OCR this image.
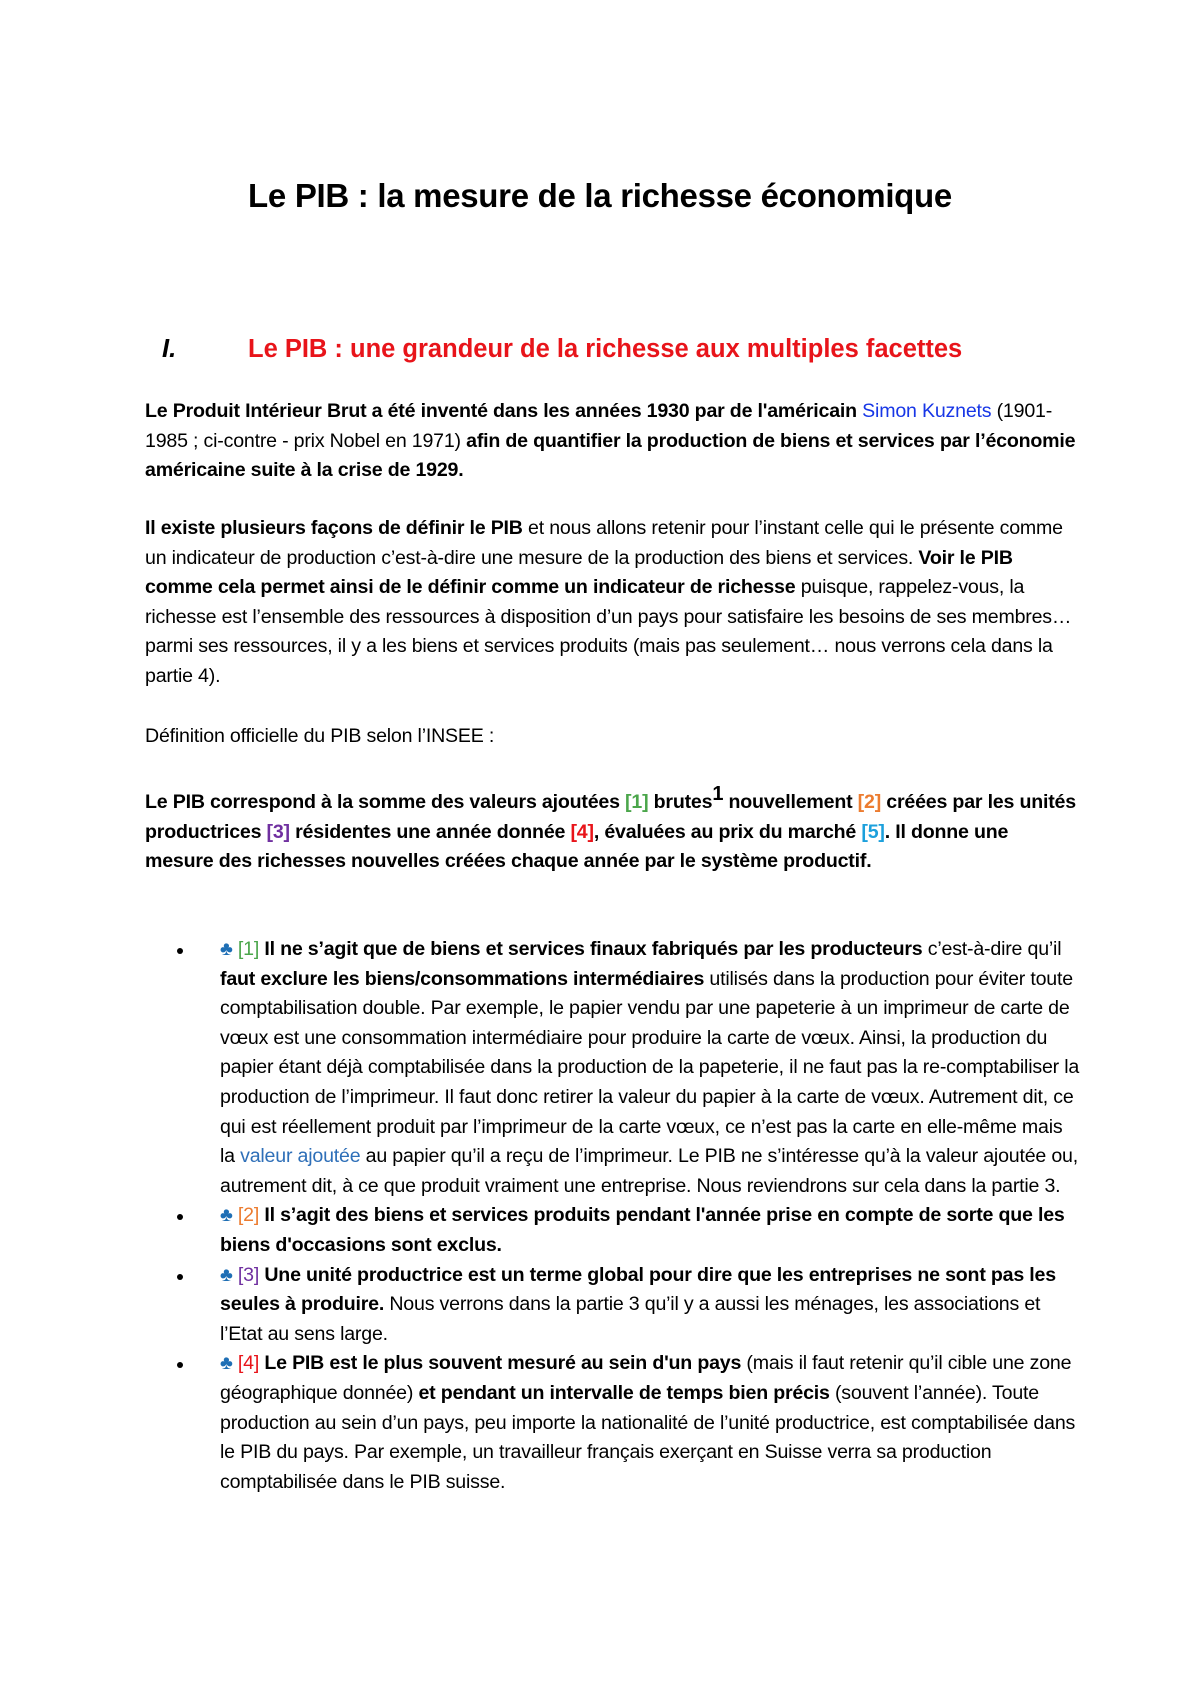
Le PIB : la mesure de la richesse économique
I.	Le PIB : une grandeur de la richesse aux multiples facettes

Le Produit Intérieur Brut a été inventé dans les années 1930 par de l'américain Simon Kuznets (1901-1985 ; ci-contre - prix Nobel en 1971) afin de quantifier la production de biens et services par l’économie américaine suite à la crise de 1929.

Il existe plusieurs façons de définir le PIB et nous allons retenir pour l’instant celle qui le présente comme un indicateur de production c’est-à-dire une mesure de la production des biens et services. Voir le PIB comme cela permet ainsi de le définir comme un indicateur de richesse puisque, rappelez-vous, la richesse est l’ensemble des ressources à disposition d’un pays pour satisfaire les besoins de ses membres… parmi ses ressources, il y a les biens et services produits (mais pas seulement… nous verrons cela dans la partie 4).

Définition officielle du PIB selon l’INSEE :

Le PIB correspond à la somme des valeurs ajoutées [1] brutes$^1$ nouvellement [2] créées par les unités productrices [3] résidentes une année donnée [4], évaluées au prix du marché [5]. Il donne une mesure des richesses nouvelles créées chaque année par le système productif.

♣ [1] Il ne s’agit que de biens et services finaux fabriqués par les producteurs c’est-à-dire qu’il faut exclure les biens/consommations intermédiaires utilisés dans la production pour éviter toute comptabilisation double. Par exemple, le papier vendu par une papeterie à un imprimeur de carte de vœux est une consommation intermédiaire pour produire la carte de vœux. Ainsi, la production du papier étant déjà comptabilisée dans la production de la papeterie, il ne faut pas la re-comptabiliser la production de l’imprimeur. Il faut donc retirer la valeur du papier à la carte de vœux. Autrement dit, ce qui est réellement produit par l’imprimeur de la carte vœux, ce n’est pas la carte en elle-même mais la valeur ajoutée au papier qu’il a reçu de l’imprimeur. Le PIB ne s’intéresse qu’à la valeur ajoutée ou, autrement dit, à ce que produit vraiment une entreprise. Nous reviendrons sur cela dans la partie 3.
♣ [2] Il s’agit des biens et services produits pendant l'année prise en compte de sorte que les biens d'occasions sont exclus.
♣ [3] Une unité productrice est un terme global pour dire que les entreprises ne sont pas les seules à produire. Nous verrons dans la partie 3 qu’il y a aussi les ménages, les associations et l’Etat au sens large.
♣ [4] Le PIB est le plus souvent mesuré au sein d'un pays (mais il faut retenir qu’il cible une zone géographique donnée) et pendant un intervalle de temps bien précis (souvent l’année). Toute production au sein d’un pays, peu importe la nationalité de l’unité productrice, est comptabilisée dans le PIB du pays. Par exemple, un travailleur français exerçant en Suisse verra sa production comptabilisée dans le PIB suisse.
